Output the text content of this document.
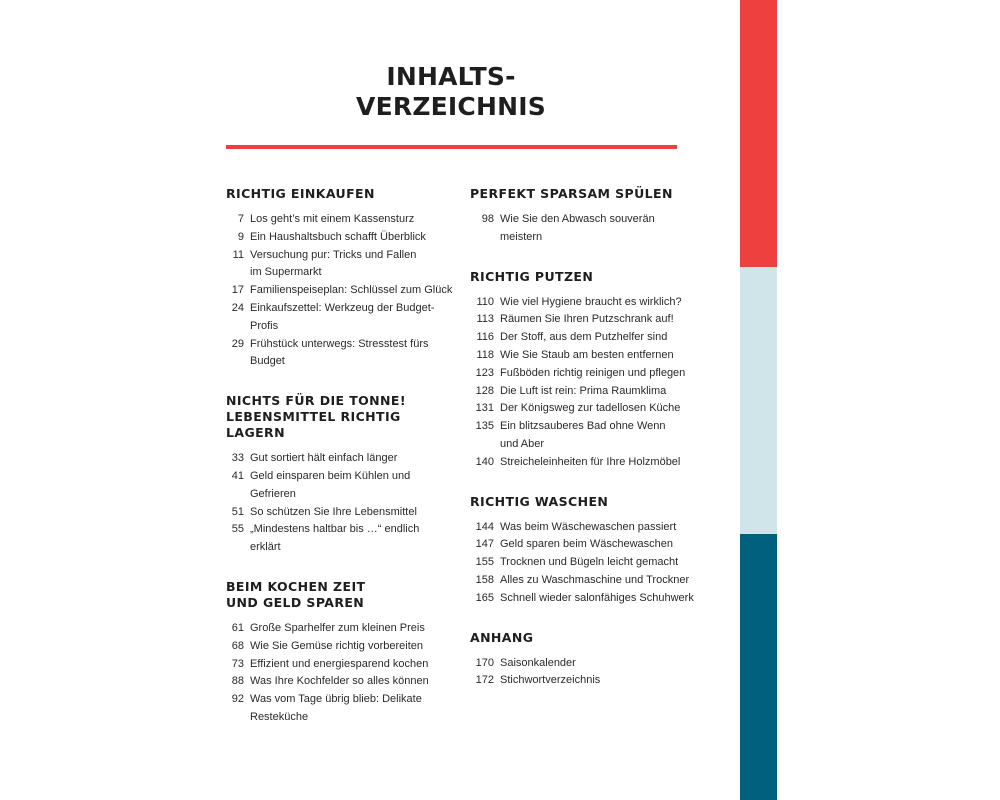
INHALTS-
VERZEICHNIS
RICHTIG EINKAUFEN
7 Los geht’s mit einem Kassensturz
9 Ein Haushaltsbuch schafft Überblick
11 Versuchung pur: Tricks und Fallen
im Supermarkt
17 Familienspeiseplan: Schlüssel zum Glück
24 Einkaufszettel: Werkzeug der Budget-
Profis
29 Frühstück unterwegs: Stresstest fürs
Budget
NICHTS FÜR DIE TONNE!
LEBENSMITTEL RICHTIG LAGERN
33 Gut sortiert hält einfach länger
41 Geld einsparen beim Kühlen und
Gefrieren
51 So schützen Sie Ihre Lebensmittel
55 „Mindestens haltbar bis …“ endlich
erklärt
BEIM KOCHEN ZEIT
UND GELD SPAREN
61 Große Sparhelfer zum kleinen Preis
68 Wie Sie Gemüse richtig vorbereiten
73 Effizient und energiesparend kochen
88 Was Ihre Kochfelder so alles können
92 Was vom Tage übrig blieb: Delikate
Resteküche
PERFEKT SPARSAM SPÜLEN
98 Wie Sie den Abwasch souverän
meistern
RICHTIG PUTZEN
110 Wie viel Hygiene braucht es wirklich?
113 Räumen Sie Ihren Putzschrank auf!
116 Der Stoff, aus dem Putzhelfer sind
118 Wie Sie Staub am besten entfernen
123 Fußböden richtig reinigen und pflegen
128 Die Luft ist rein: Prima Raumklima
131 Der Königsweg zur tadellosen Küche
135 Ein blitzsauberes Bad ohne Wenn
und Aber
140 Streicheleinheiten für Ihre Holzmöbel
RICHTIG WASCHEN
144 Was beim Wäschewaschen passiert
147 Geld sparen beim Wäschewaschen
155 Trocknen und Bügeln leicht gemacht
158 Alles zu Waschmaschine und Trockner
165 Schnell wieder salonfähiges Schuhwerk
ANHANG
170 Saisonkalender
172 Stichwortverzeichnis
